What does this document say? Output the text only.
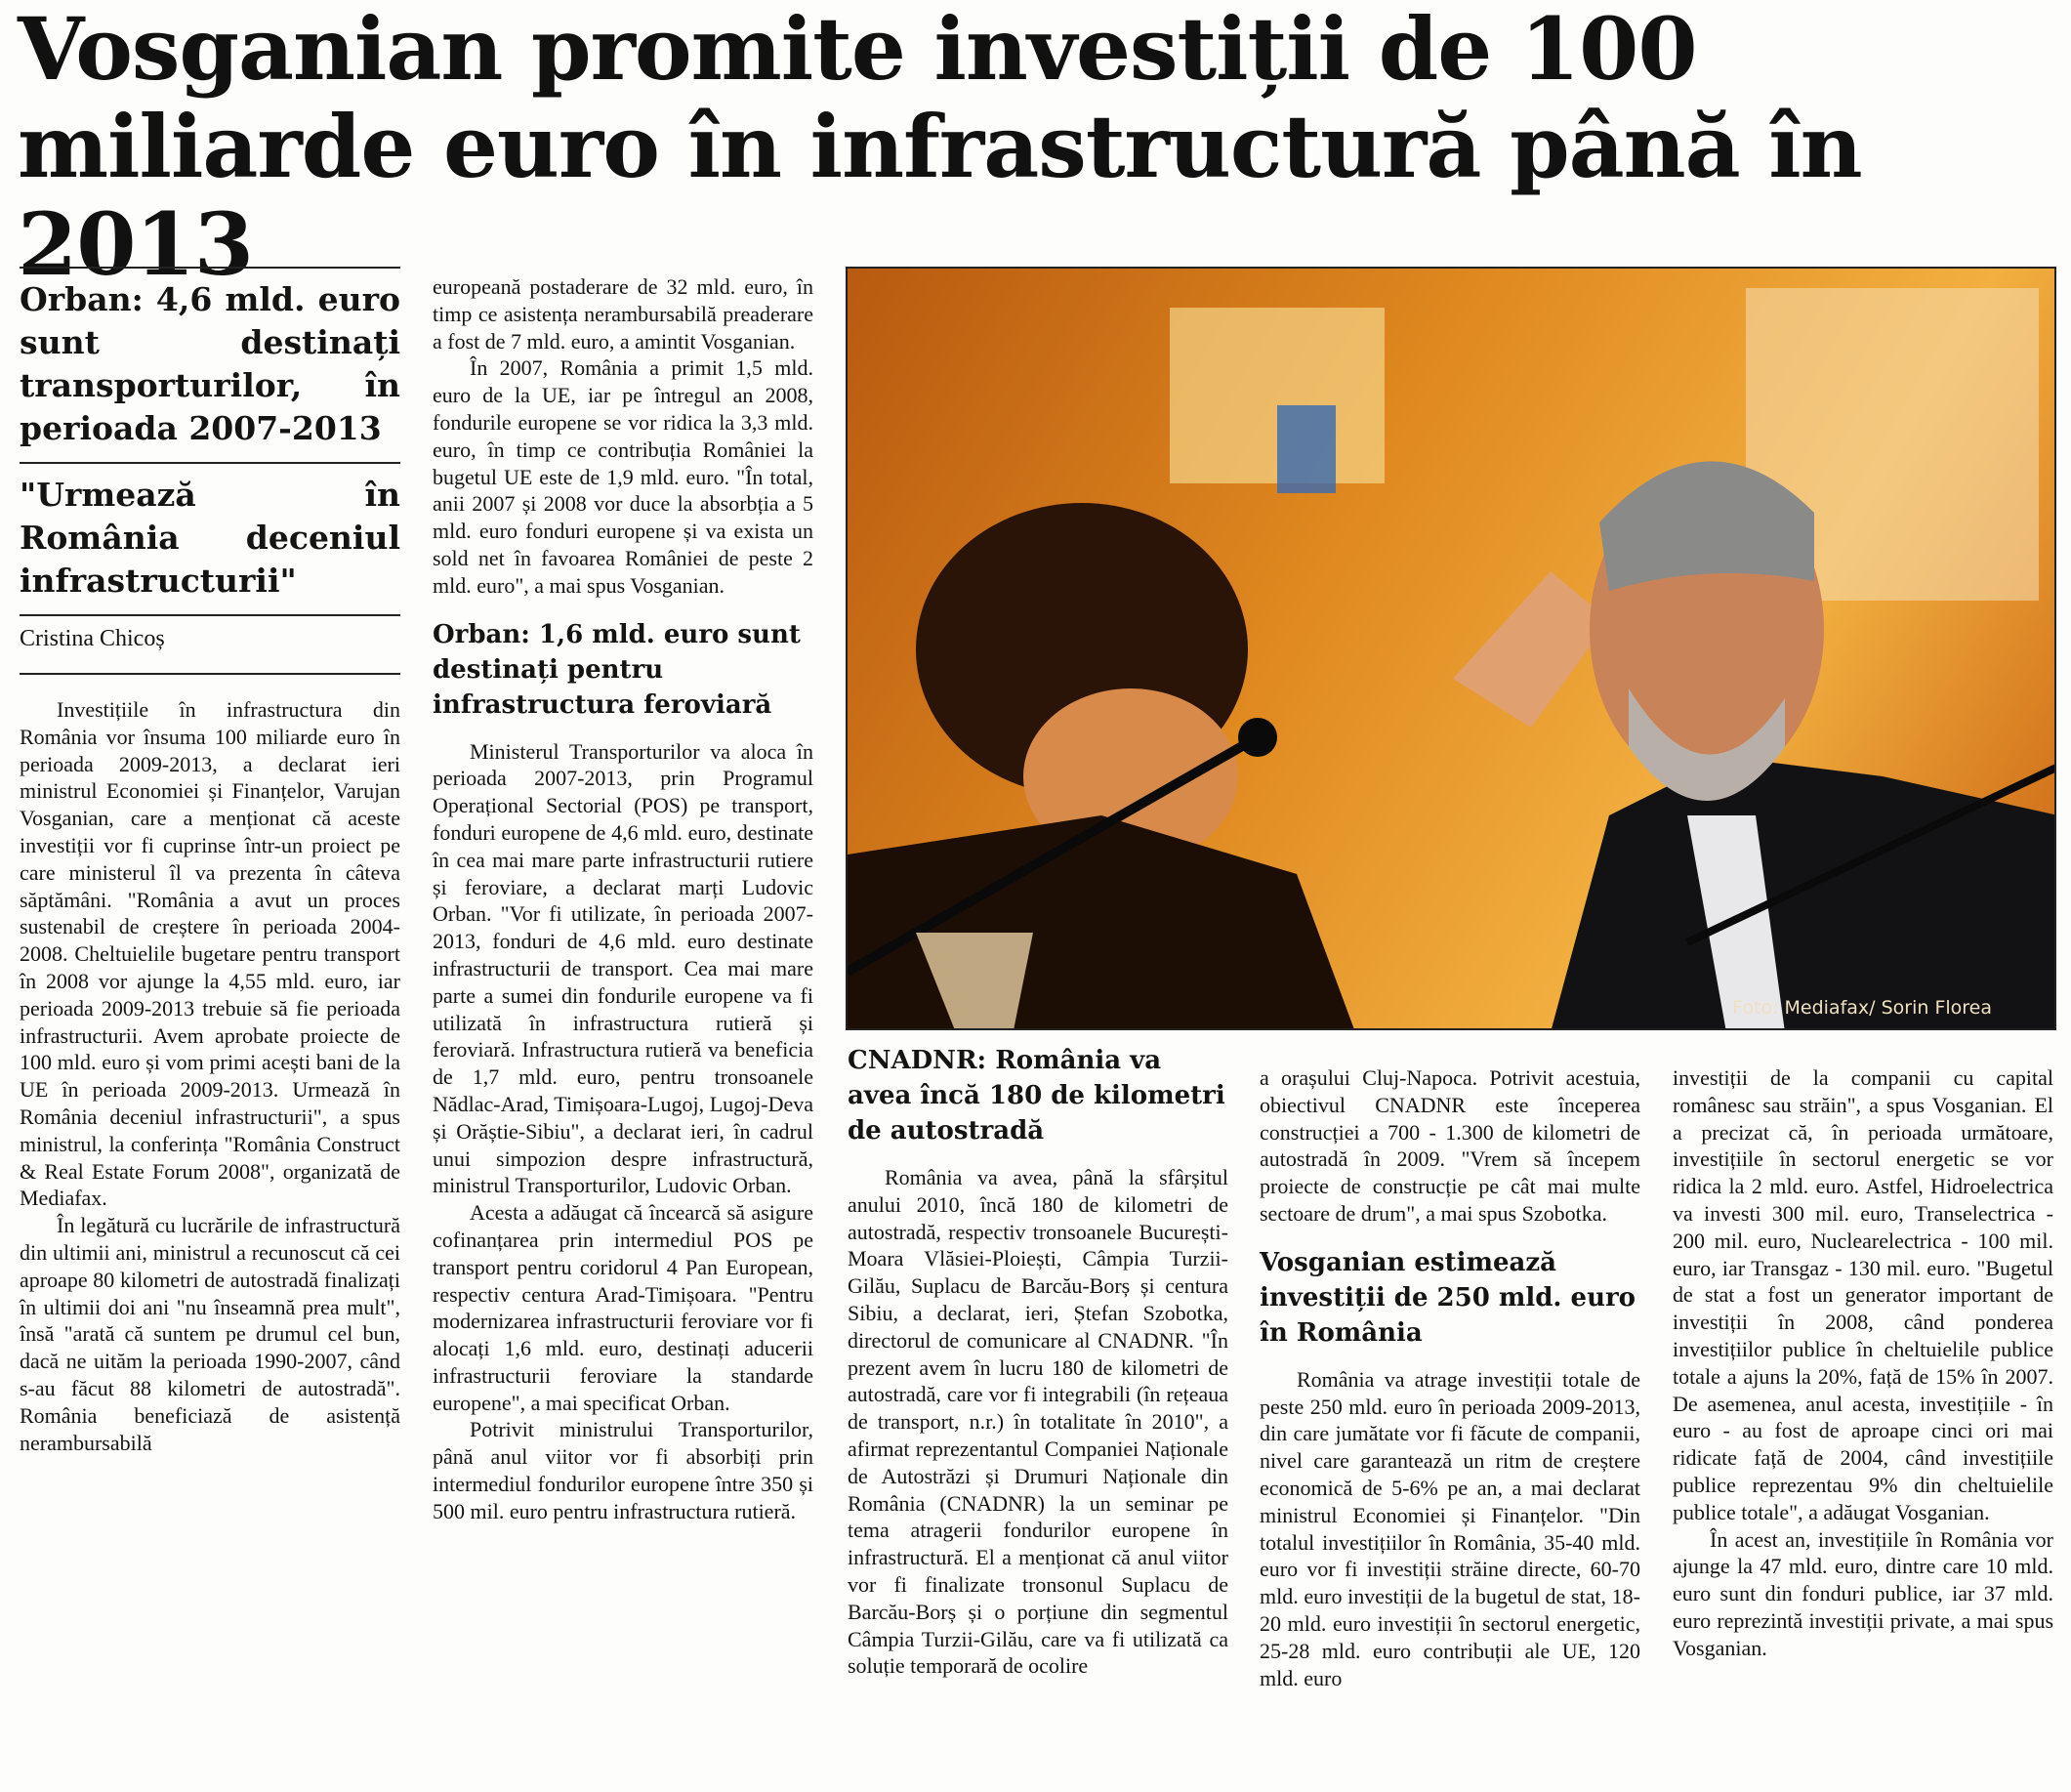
Vosganian promite investiții de 100 miliarde euro în infrastructură până în 2013
Orban: 4,6 mld. euro sunt destinați transporturilor, în perioada 2007-2013
"Urmează în România deceniul infrastructurii"
Cristina Chicoș

Investițiile în infrastructura din România vor însuma 100 miliarde euro în perioada 2009-2013, a declarat ieri ministrul Economiei și Finanțelor, Varujan Vosganian, care a menționat că aceste investiții vor fi cuprinse într-un proiect pe care ministerul îl va prezenta în câteva săptămâni. "România a avut un proces sustenabil de creștere în perioada 2004-2008. Cheltuielile bugetare pentru transport în 2008 vor ajunge la 4,55 mld. euro, iar perioada 2009-2013 trebuie să fie perioada infrastructurii. Avem aprobate proiecte de 100 mld. euro și vom primi acești bani de la UE în perioada 2009-2013. Urmează în România deceniul infrastructurii", a spus ministrul, la conferința "România Construct & Real Estate Forum 2008", organizată de Mediafax.

În legătură cu lucrările de infrastructură din ultimii ani, ministrul a recunoscut că cei aproape 80 kilometri de autostradă finalizați în ultimii doi ani "nu înseamnă prea mult", însă "arată că suntem pe drumul cel bun, dacă ne uităm la perioada 1990-2007, când s-au făcut 88 kilometri de autostradă". România beneficiază de asistență nerambursabilă

europeană postaderare de 32 mld. euro, în timp ce asistența nerambursabilă preaderare a fost de 7 mld. euro, a amintit Vosganian.

În 2007, România a primit 1,5 mld. euro de la UE, iar pe întregul an 2008, fondurile europene se vor ridica la 3,3 mld. euro, în timp ce contribuția României la bugetul UE este de 1,9 mld. euro. "În total, anii 2007 și 2008 vor duce la absorbția a 5 mld. euro fonduri europene și va exista un sold net în favoarea României de peste 2 mld. euro", a mai spus Vosganian.

Orban: 1,6 mld. euro sunt destinați pentru infrastructura feroviară

Ministerul Transporturilor va aloca în perioada 2007-2013, prin Programul Operațional Sectorial (POS) pe transport, fonduri europene de 4,6 mld. euro, destinate în cea mai mare parte infrastructurii rutiere și feroviare, a declarat marți Ludovic Orban. "Vor fi utilizate, în perioada 2007-2013, fonduri de 4,6 mld. euro destinate infrastructurii de transport. Cea mai mare parte a sumei din fondurile europene va fi utilizată în infrastructura rutieră și feroviară. Infrastructura rutieră va beneficia de 1,7 mld. euro, pentru tronsoanele Nădlac-Arad, Timișoara-Lugoj, Lugoj-Deva și Orăștie-Sibiu", a declarat ieri, în cadrul unui simpozion despre infrastructură, ministrul Transporturilor, Ludovic Orban.

Acesta a adăugat că încearcă să asigure cofinanțarea prin intermediul POS pe transport pentru coridorul 4 Pan European, respectiv centura Arad-Timișoara. "Pentru modernizarea infrastructurii feroviare vor fi alocați 1,6 mld. euro, destinați aducerii infrastructurii feroviare la standarde europene", a mai specificat Orban.

Potrivit ministrului Transporturilor, până anul viitor vor fi absorbiți prin intermediul fondurilor europene între 350 și 500 mil. euro pentru infrastructura rutieră.

Foto: Mediafax/ Sorin Florea
CNADNR: România va avea încă 180 de kilometri de autostradă

România va avea, până la sfârșitul anului 2010, încă 180 de kilometri de autostradă, respectiv tronsoanele București-Moara Vlăsiei-Ploiești, Câmpia Turzii-Gilău, Suplacu de Barcău-Borș și centura Sibiu, a declarat, ieri, Ștefan Szobotka, directorul de comunicare al CNADNR. "În prezent avem în lucru 180 de kilometri de autostradă, care vor fi integrabili (în rețeaua de transport, n.r.) în totalitate în 2010", a afirmat reprezentantul Companiei Naționale de Autostrăzi și Drumuri Naționale din România (CNADNR) la un seminar pe tema atragerii fondurilor europene în infrastructură. El a menționat că anul viitor vor fi finalizate tronsonul Suplacu de Barcău-Borș și o porțiune din segmentul Câmpia Turzii-Gilău, care va fi utilizată ca soluție temporară de ocolire

a orașului Cluj-Napoca. Potrivit acestuia, obiectivul CNADNR este începerea construcției a 700 - 1.300 de kilometri de autostradă în 2009. "Vrem să începem proiecte de construcție pe cât mai multe sectoare de drum", a mai spus Szobotka.

Vosganian estimează investiții de 250 mld. euro în România

România va atrage investiții totale de peste 250 mld. euro în perioada 2009-2013, din care jumătate vor fi făcute de companii, nivel care garantează un ritm de creștere economică de 5-6% pe an, a mai declarat ministrul Economiei și Finanțelor. "Din totalul investițiilor în România, 35-40 mld. euro vor fi investiții străine directe, 60-70 mld. euro investiții de la bugetul de stat, 18-20 mld. euro investiții în sectorul energetic, 25-28 mld. euro contribuții ale UE, 120 mld. euro

investiții de la companii cu capital românesc sau străin", a spus Vosganian. El a precizat că, în perioada următoare, investițiile în sectorul energetic se vor ridica la 2 mld. euro. Astfel, Hidroelectrica va investi 300 mil. euro, Transelectrica - 200 mil. euro, Nuclearelectrica - 100 mil. euro, iar Transgaz - 130 mil. euro. "Bugetul de stat a fost un generator important de investiții în 2008, când ponderea investițiilor publice în cheltuielile publice totale a ajuns la 20%, față de 15% în 2007. De asemenea, anul acesta, investițiile - în euro - au fost de aproape cinci ori mai ridicate față de 2004, când investițiile publice reprezentau 9% din cheltuielile publice totale", a adăugat Vosganian.

În acest an, investițiile în România vor ajunge la 47 mld. euro, dintre care 10 mld. euro sunt din fonduri publice, iar 37 mld. euro reprezintă investiții private, a mai spus Vosganian.
